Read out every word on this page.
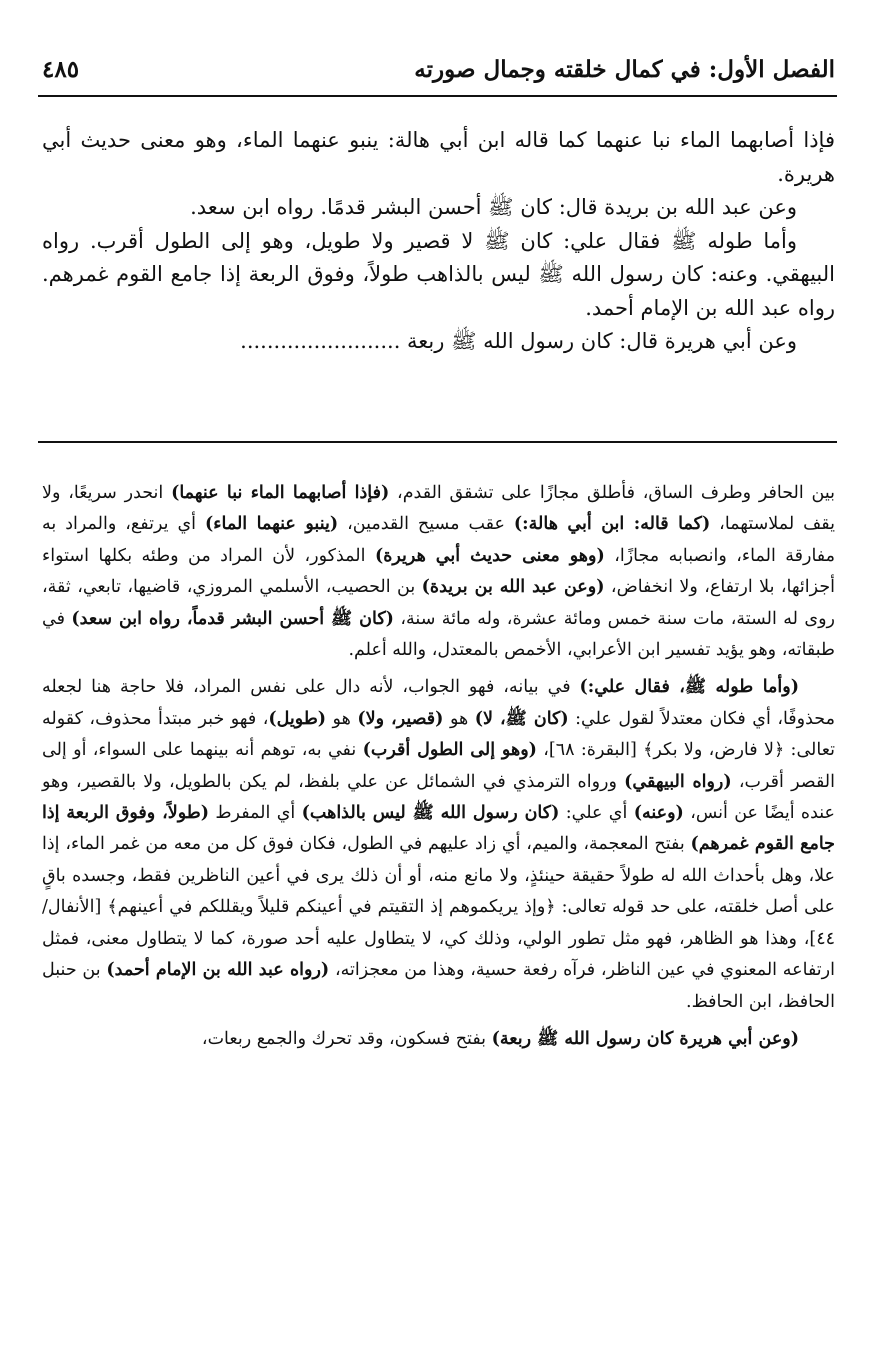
الفصل الأول: في كمال خلقته وجمال صورته
٤٨٥

فإذا أصابهما الماء نبا عنهما كما قاله ابن أبي هالة: ينبو عنهما الماء، وهو معنى حديث أبي هريرة.

وعن عبد الله بن بريدة قال: كان ﷺ أحسن البشر قدمًا. رواه ابن سعد.

وأما طوله ﷺ فقال علي: كان ﷺ لا قصير ولا طويل، وهو إلى الطول أقرب. رواه البيهقي. وعنه: كان رسول الله ﷺ ليس بالذاهب طولاً، وفوق الربعة إذا جامع القوم غمرهم. رواه عبد الله بن الإمام أحمد.

وعن أبي هريرة قال: كان رسول الله ﷺ ربعة ........................

بين الحافر وطرف الساق، فأطلق مجازًا على تشقق القدم، (فإذا أصابهما الماء نبا عنهما) انحدر سريعًا، ولا يقف لملاستهما، (كما قاله: ابن أبي هالة:) عقب مسيح القدمين، (ينبو عنهما الماء) أي يرتفع، والمراد به مفارقة الماء، وانصبابه مجازًا، (وهو معنى حديث أبي هريرة) المذكور، لأن المراد من وطئه بكلها استواء أجزائها، بلا ارتفاع، ولا انخفاض، (وعن عبد الله بن بريدة) بن الحصيب، الأسلمي المروزي، قاضيها، تابعي، ثقة، روى له الستة، مات سنة خمس ومائة عشرة، وله مائة سنة، (كان ﷺ أحسن البشر قدماً، رواه ابن سعد) في طبقاته، وهو يؤيد تفسير ابن الأعرابي، الأخمص بالمعتدل، والله أعلم.

(وأما طوله ﷺ، فقال علي:) في بيانه، فهو الجواب، لأنه دال على نفس المراد، فلا حاجة هنا لجعله محذوفًا، أي فكان معتدلاً لقول علي: (كان ﷺ، لا) هو (قصير، ولا) هو (طويل)، فهو خبر مبتدأ محذوف، كقوله تعالى: ﴿لا فارض، ولا بكر﴾ [البقرة: ٦٨]، (وهو إلى الطول أقرب) نفي به، توهم أنه بينهما على السواء، أو إلى القصر أقرب، (رواه البيهقي) ورواه الترمذي في الشمائل عن علي بلفظ، لم يكن بالطويل، ولا بالقصير، وهو عنده أيضًا عن أنس، (وعنه) أي علي: (كان رسول الله ﷺ ليس بالذاهب) أي المفرط (طولاً، وفوق الربعة إذا جامع القوم غمرهم) بفتح المعجمة، والميم، أي زاد عليهم في الطول، فكان فوق كل من معه من غمر الماء، إذا علا، وهل بأحداث الله له طولاً حقيقة حينئذٍ، ولا مانع منه، أو أن ذلك يرى في أعين الناظرين فقط، وجسده باقٍ على أصل خلقته، على حد قوله تعالى: ﴿وإذ يريكموهم إذ التقيتم في أعينكم قليلاً ويقللكم في أعينهم﴾ [الأنفال/٤٤]، وهذا هو الظاهر، فهو مثل تطور الولي، وذلك كي، لا يتطاول عليه أحد صورة، كما لا يتطاول معنى، فمثل ارتفاعه المعنوي في عين الناظر، فرآه رفعة حسية، وهذا من معجزاته، (رواه عبد الله بن الإمام أحمد) بن حنبل الحافظ، ابن الحافظ.

(وعن أبي هريرة كان رسول الله ﷺ ربعة) بفتح فسكون، وقد تحرك والجمع ربعات،
